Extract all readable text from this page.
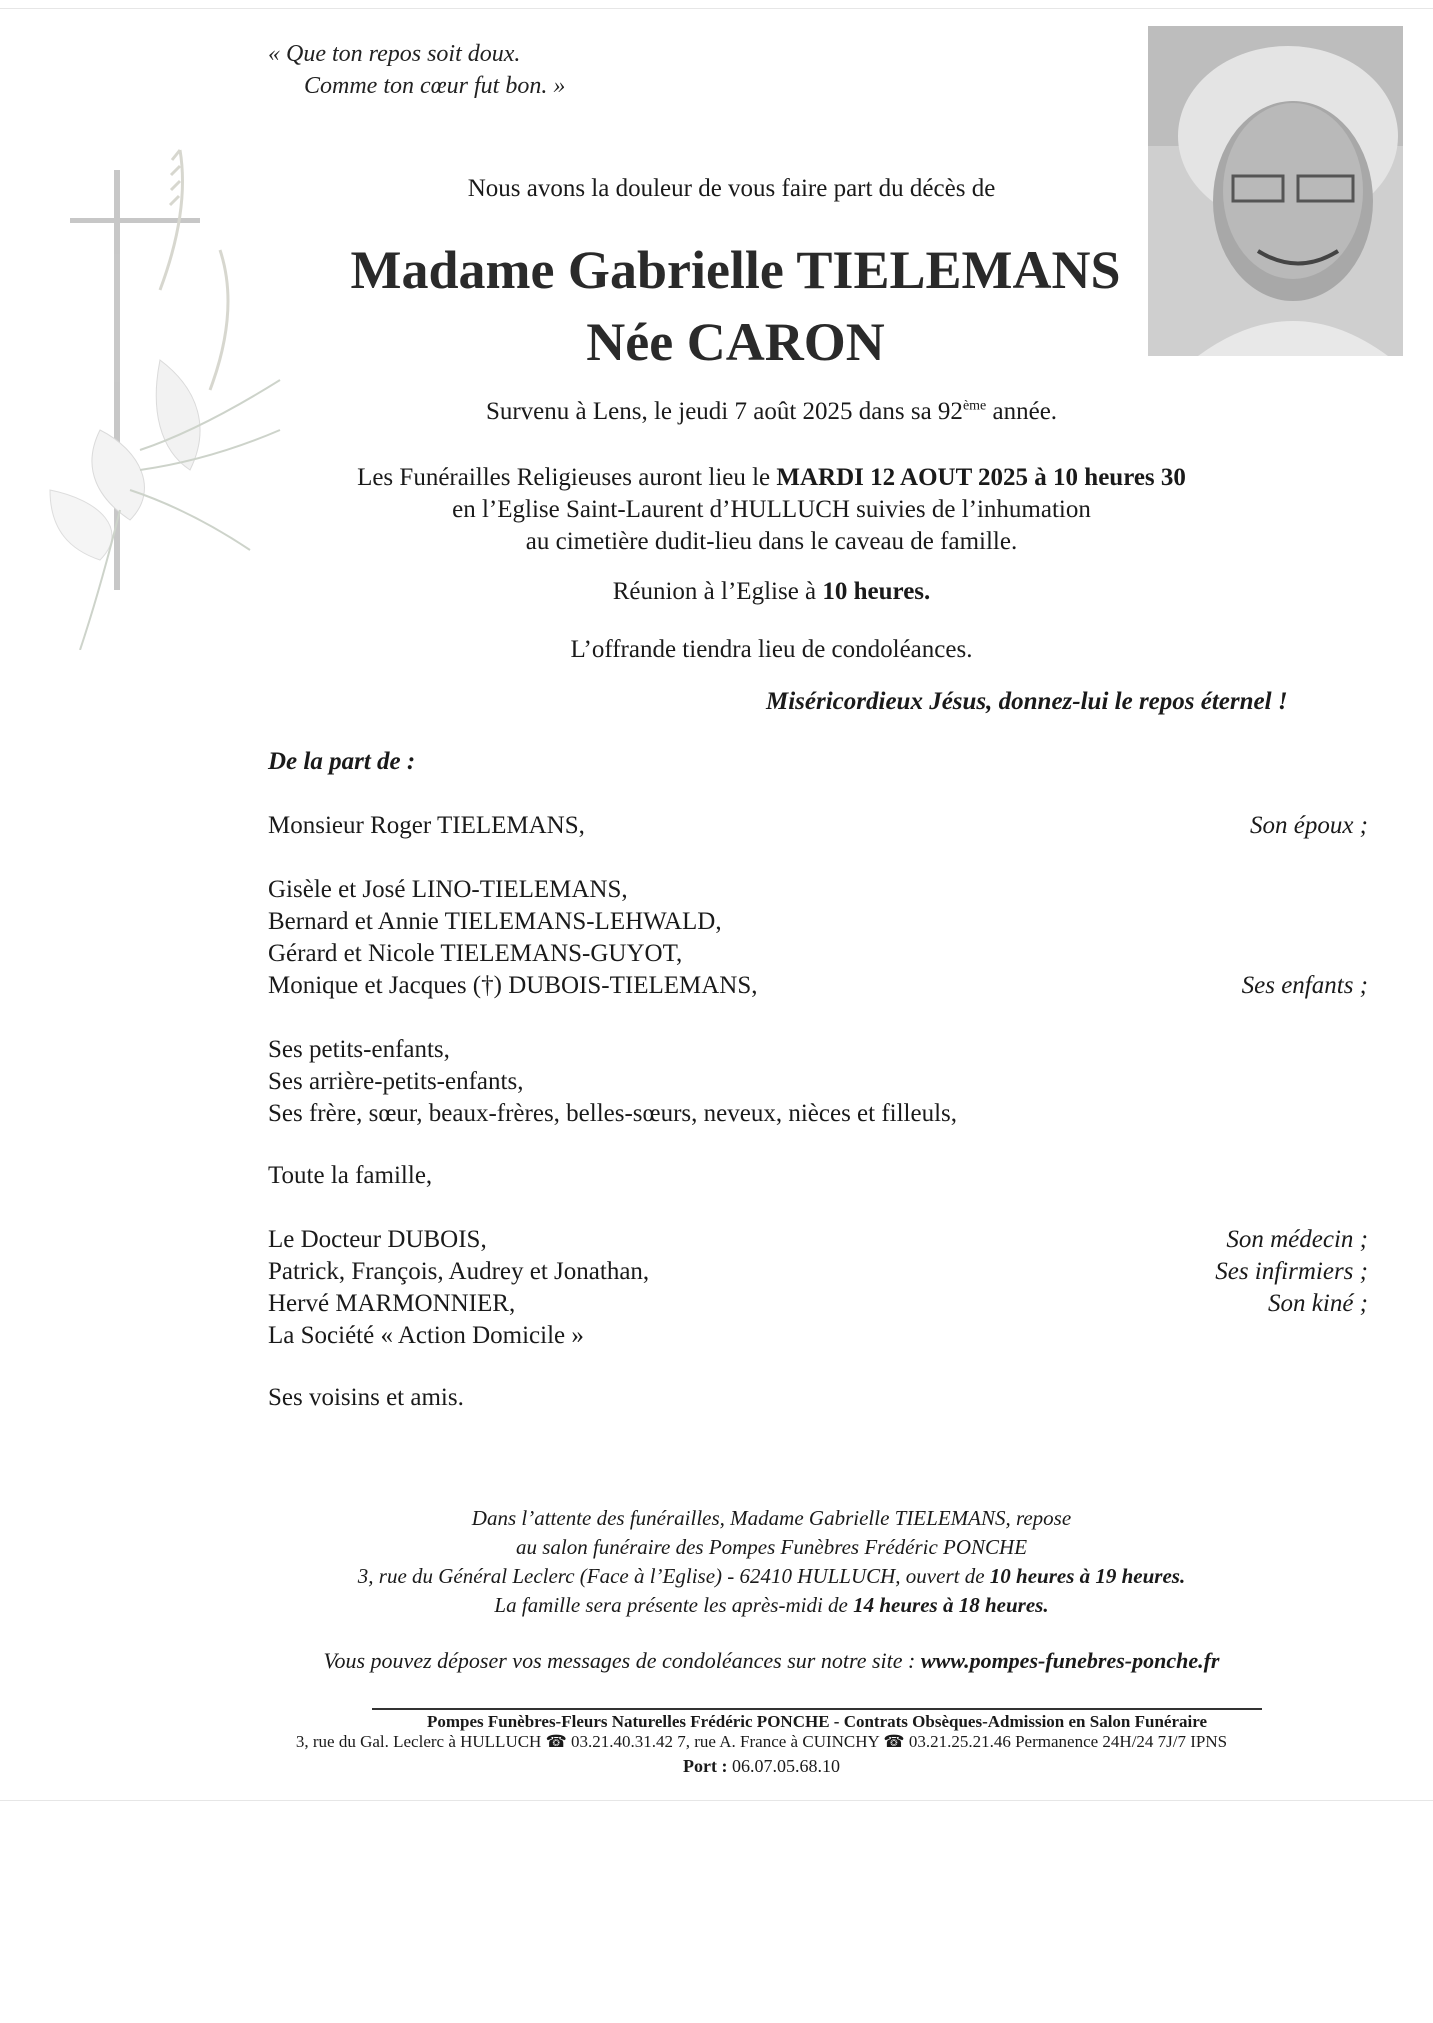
« Que ton repos soit doux.
Comme ton cœur fut bon. »
Nous avons la douleur de vous faire part du décès de
Madame Gabrielle TIELEMANS
Née CARON
Survenu à Lens, le jeudi 7 août 2025 dans sa 92ème année.
Les Funérailles Religieuses auront lieu le MARDI 12 AOUT 2025 à 10 heures 30
en l’Eglise Saint-Laurent d’HULLUCH suivies de l’inhumation
au cimetière dudit-lieu dans le caveau de famille.
Réunion à l’Eglise à 10 heures.
L’offrande tiendra lieu de condoléances.
Miséricordieux Jésus, donnez-lui le repos éternel !
De la part de :
Monsieur Roger TIELEMANS,	Son époux ;
Gisèle et José LINO-TIELEMANS,
Bernard et Annie TIELEMANS-LEHWALD,
Gérard et Nicole TIELEMANS-GUYOT,
Monique et Jacques (†) DUBOIS-TIELEMANS,	Ses enfants ;
Ses petits-enfants,
Ses arrière-petits-enfants,
Ses frère, sœur, beaux-frères, belles-sœurs, neveux, nièces et filleuls,
Toute la famille,
Le Docteur DUBOIS,	Son médecin ;
Patrick, François, Audrey et Jonathan,	Ses infirmiers ;
Hervé MARMONNIER,	Son kiné ;
La Société « Action Domicile »
Ses voisins et amis.
Dans l’attente des funérailles, Madame Gabrielle TIELEMANS, repose
au salon funéraire des Pompes Funèbres Frédéric PONCHE
3, rue du Général Leclerc (Face à l’Eglise) - 62410 HULLUCH, ouvert de 10 heures à 19 heures.
La famille sera présente les après-midi de 14 heures à 18 heures.
Vous pouvez déposer vos messages de condoléances sur notre site : www.pompes-funebres-ponche.fr
Pompes Funèbres-Fleurs Naturelles Frédéric PONCHE - Contrats Obsèques-Admission en Salon Funéraire
3, rue du Gal. Leclerc à HULLUCH ☎ 03.21.40.31.42 7, rue A. France à CUINCHY ☎ 03.21.25.21.46 Permanence 24H/24 7J/7 IPNS
Port : 06.07.05.68.10
